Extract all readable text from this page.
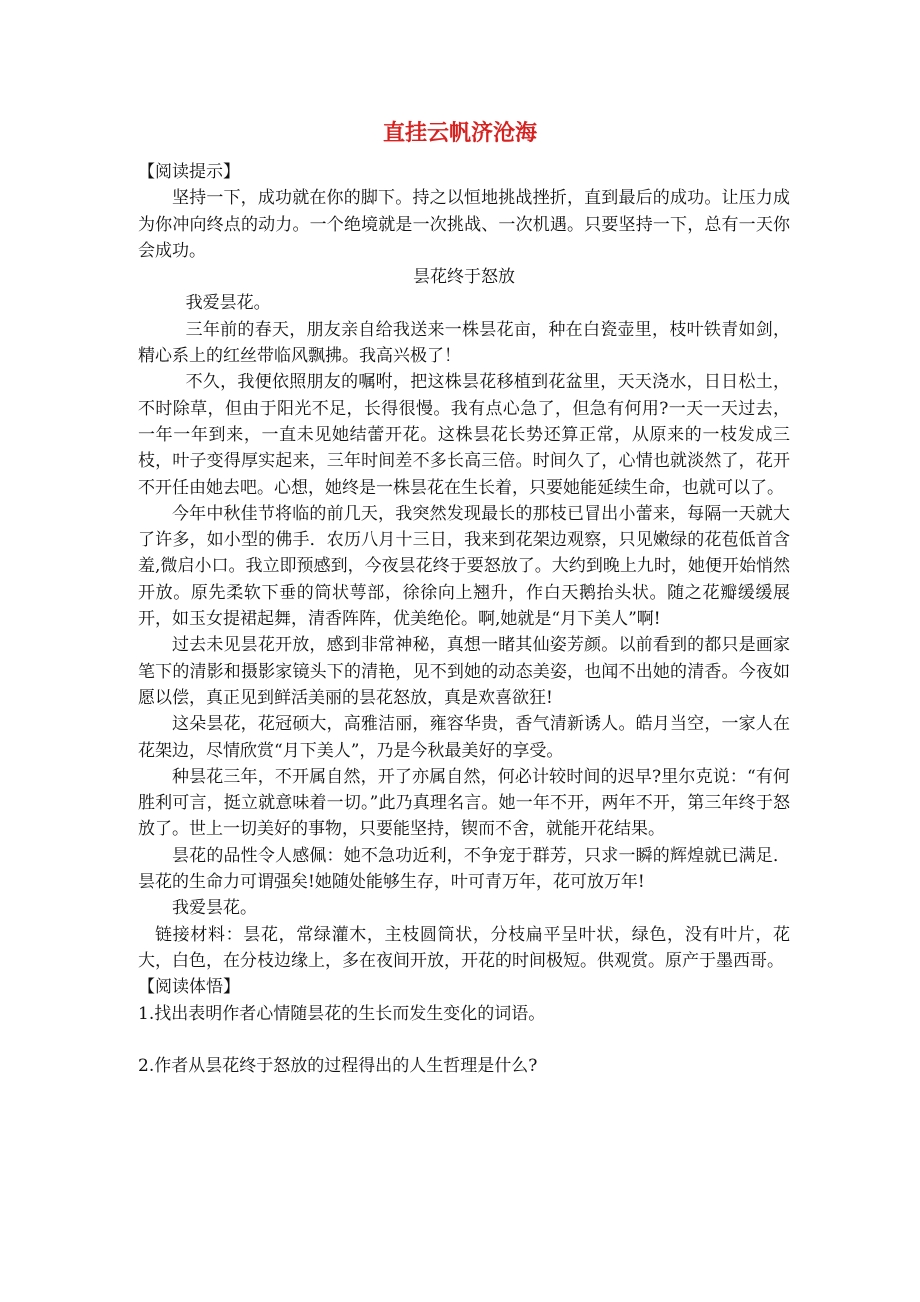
直挂云帆济沧海

【阅读提示】

坚持一下，成功就在你的脚下。持之以恒地挑战挫折，直到最后的成功。让压力成为你冲向终点的动力。一个绝境就是一次挑战、一次机遇。只要坚持一下，总有一天你会成功。

昙花终于怒放

我爱昙花。

三年前的春天，朋友亲自给我送来一株昙花亩，种在白瓷壶里，枝叶铁青如剑，精心系上的红丝带临风飘拂。我高兴极了！

不久，我便依照朋友的嘱咐，把这株昙花移植到花盆里，天天浇水，日日松土，不时除草，但由于阳光不足，长得很慢。我有点心急了，但急有何用?一天一天过去，一年一年到来，一直未见她结蕾开花。这株昙花长势还算正常，从原来的一枝发成三枝，叶子变得厚实起来，三年时间差不多长高三倍。时间久了，心情也就淡然了，花开不开任由她去吧。心想，她终是一株昙花在生长着，只要她能延续生命，也就可以了。

今年中秋佳节将临的前几天，我突然发现最长的那枝已冒出小蕾来，每隔一天就大了许多，如小型的佛手．农历八月十三日，我来到花架边观察，只见嫩绿的花苞低首含羞,微启小口。我立即预感到，今夜昙花终于要怒放了。大约到晚上九时，她便开始悄然开放。原先柔软下垂的筒状萼部，徐徐向上翘升，作白天鹅抬头状。随之花瓣缓缓展开，如玉女提裙起舞，清香阵阵，优美绝伦。啊,她就是“月下美人”啊!

过去未见昙花开放，感到非常神秘，真想一睹其仙姿芳颜。以前看到的都只是画家笔下的清影和摄影家镜头下的清艳，见不到她的动态美姿，也闻不出她的清香。今夜如愿以偿，真正见到鲜活美丽的昙花怒放，真是欢喜欲狂!

这朵昙花，花冠硕大，高雅洁丽，雍容华贵，香气清新诱人。皓月当空，一家人在花架边，尽情欣赏“月下美人”，乃是今秋最美好的享受。

种昙花三年，不开属自然，开了亦属自然，何必计较时间的迟早?里尔克说：“有何胜利可言，挺立就意味着一切。”此乃真理名言。她一年不开，两年不开，第三年终于怒放了。世上一切美好的事物，只要能坚持，锲而不舍，就能开花结果。

昙花的品性令人感佩：她不急功近利，不争宠于群芳，只求一瞬的辉煌就已满足．昙花的生命力可谓强矣!她随处能够生存，叶可青万年，花可放万年!

我爱昙花。

链接材料：昙花，常绿灌木，主枝圆筒状，分枝扁平呈叶状，绿色，没有叶片，花大，白色，在分枝边缘上，多在夜间开放，开花的时间极短。供观赏。原产于墨西哥。

【阅读体悟】

1.找出表明作者心情随昙花的生长而发生变化的词语。

2.作者从昙花终于怒放的过程得出的人生哲理是什么?
